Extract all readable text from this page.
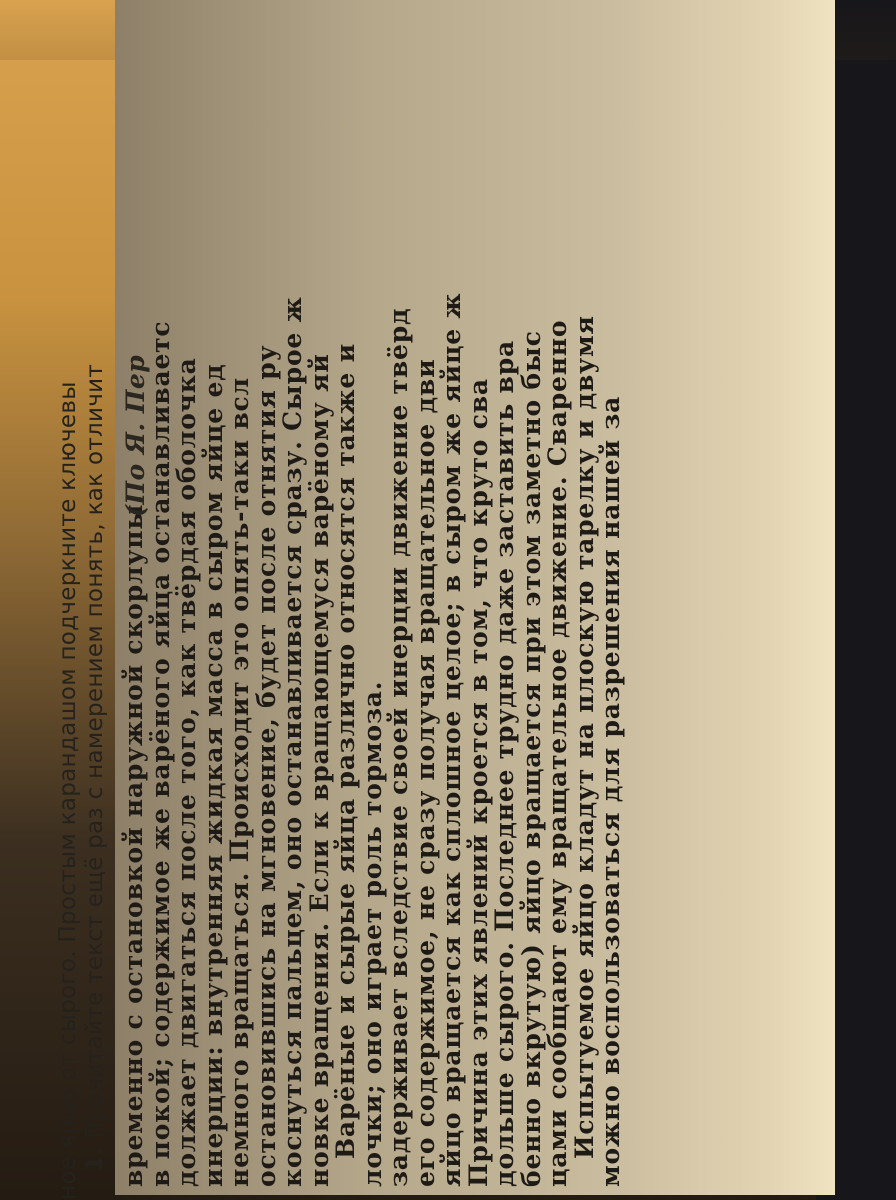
ное яйцо от сырого. Простым карандашом подчеркните ключевы 1. Прочитайте текст ещё раз с намерением понять, как отличит временно с остановкой наружной скорлупы.
(По Я. Пер
в покой; содержимое же варёного яйца останавливаетс
должает двигаться после того, как твёрдая оболочка
инерции: внутренняя жидкая масса в сыром яйце ед
немного вращаться. Происходит это опять-таки всл
остановившись на мгновение, будет после отнятия ру
коснуться пальцем, оно останавливается сразу. Сырое ж
новке вращения. Если к вращающемуся варёному яй
Варёные и сырые яйца различно относятся также и
лочки; оно играет роль тормоза.
задерживает вследствие своей инерции движение твёрд
его содержимое, не сразу получая вращательное дви
яйцо вращается как сплошное целое; в сыром же яйце ж
Причина этих явлений кроется в том, что круто сва
дольше сырого. Последнее трудно даже заставить вра
бенно вкрутую) яйцо вращается при этом заметно быс
цами сообщают ему вращательное движение. Сваренно
Испытуемое яйцо кладут на плоскую тарелку и двумя
можно воспользоваться для разрешения нашей за
